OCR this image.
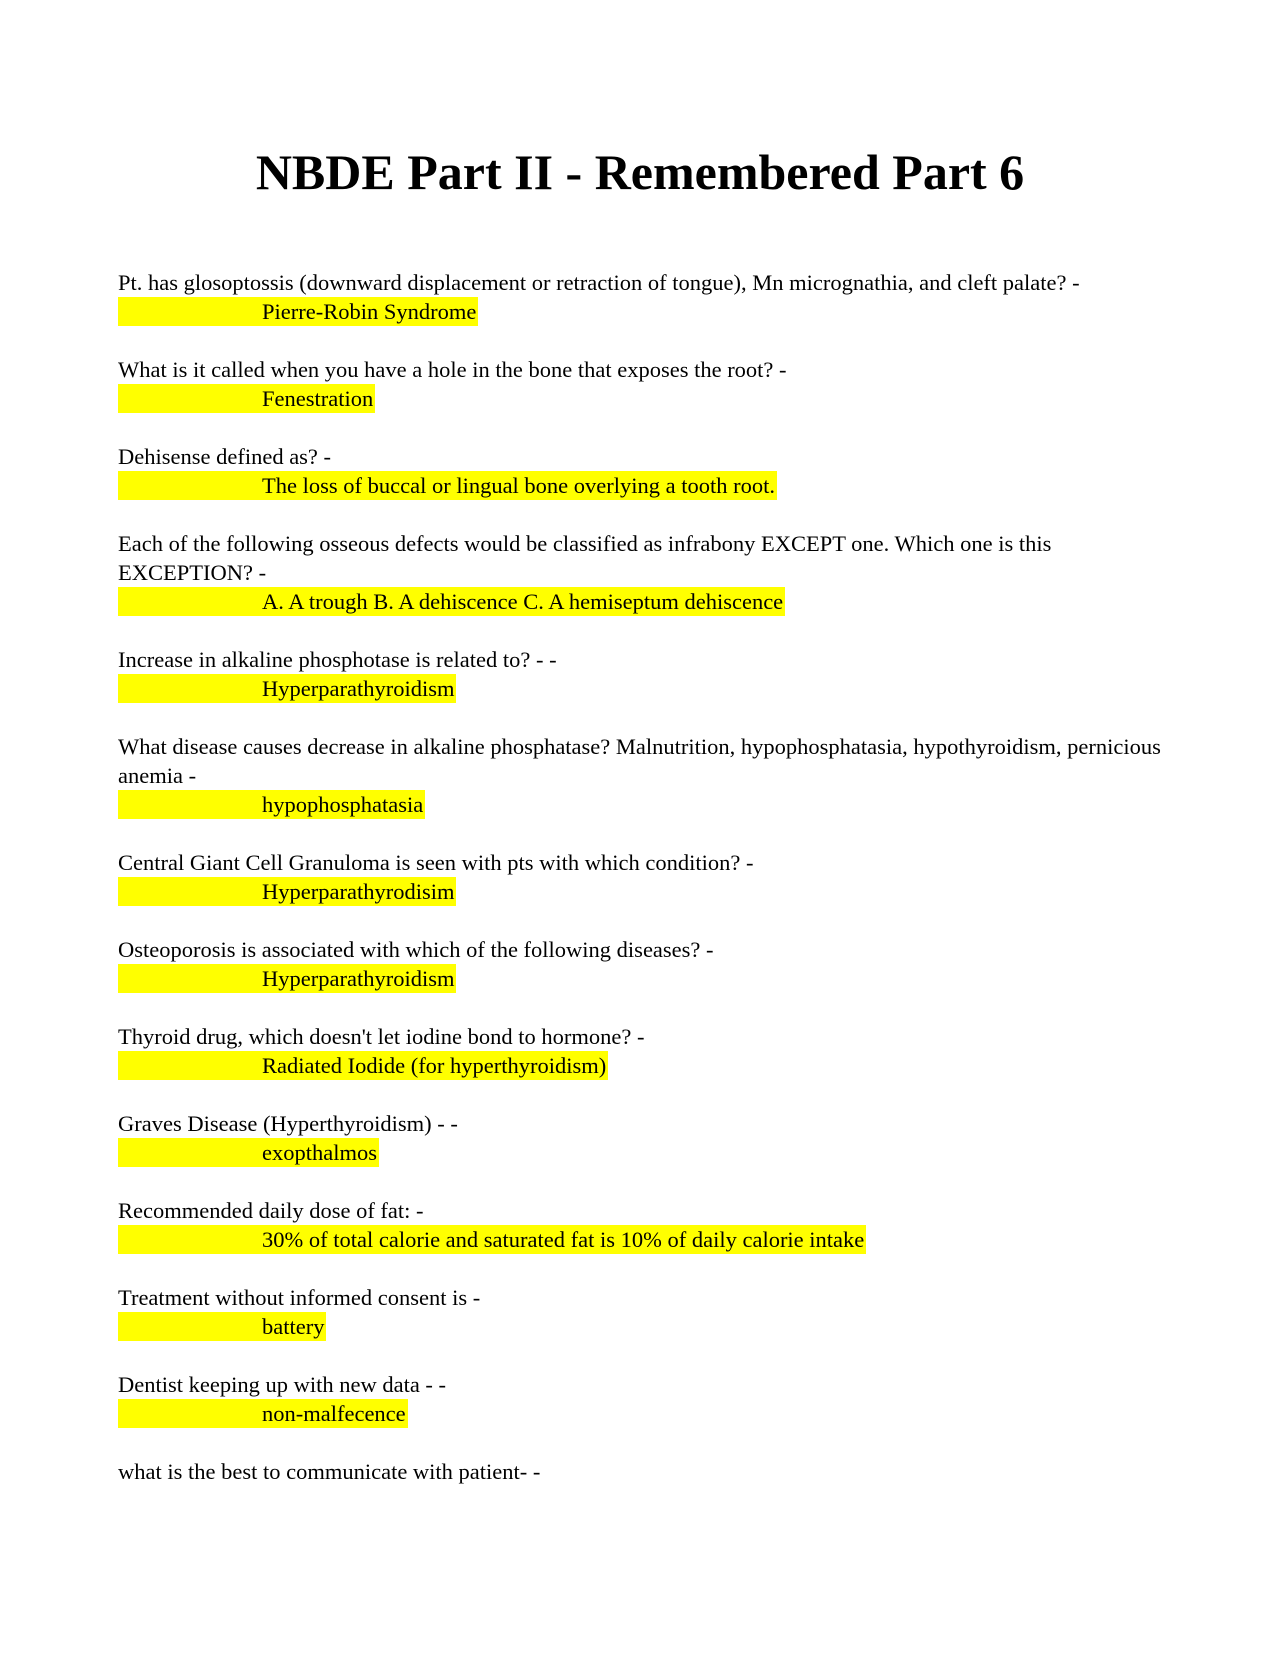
NBDE Part II - Remembered Part 6

Pt. has glosoptossis (downward displacement or retraction of tongue), Mn micrognathia, and cleft palate? -

Pierre-Robin Syndrome

What is it called when you have a hole in the bone that exposes the root? -

Fenestration

Dehisense defined as? -

The loss of buccal or lingual bone overlying a tooth root.

Each of the following osseous defects would be classified as infrabony EXCEPT one. Which one is this EXCEPTION? -

A. A trough B. A dehiscence C. A hemiseptum dehiscence

Increase in alkaline phosphotase is related to? - -

Hyperparathyroidism

What disease causes decrease in alkaline phosphatase? Malnutrition, hypophosphatasia, hypothyroidism, pernicious anemia -

hypophosphatasia

Central Giant Cell Granuloma is seen with pts with which condition? -

Hyperparathyrodisim

Osteoporosis is associated with which of the following diseases? -

Hyperparathyroidism

Thyroid drug, which doesn't let iodine bond to hormone? -

Radiated Iodide (for hyperthyroidism)

Graves Disease (Hyperthyroidism) - -

exopthalmos

Recommended daily dose of fat: -

30% of total calorie and saturated fat is 10% of daily calorie intake

Treatment without informed consent is -

battery

Dentist keeping up with new data - -

non-malfecence

what is the best to communicate with patient- -
